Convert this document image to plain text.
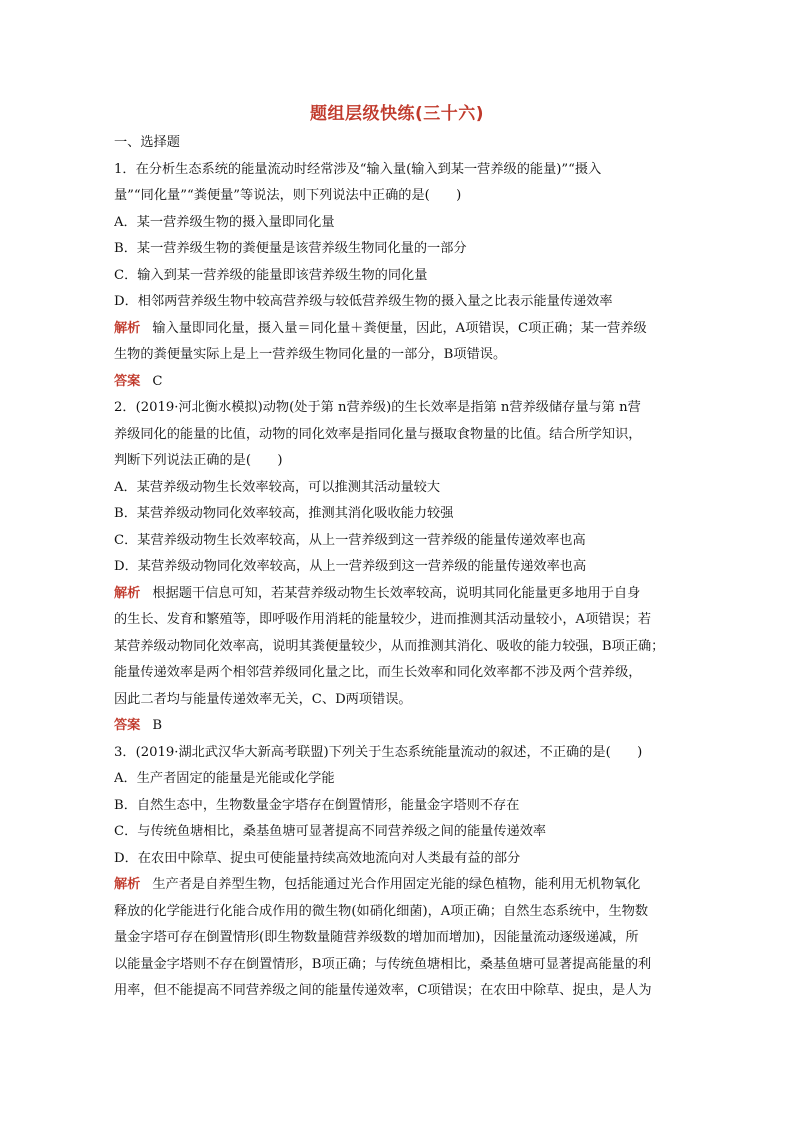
题组层级快练(三十六)
一、选择题
1．在分析生态系统的能量流动时经常涉及“输入量(输入到某一营养级的能量)”“摄入
量”“同化量”“粪便量”等说法，则下列说法中正确的是(　　)
A．某一营养级生物的摄入量即同化量
B．某一营养级生物的粪便量是该营养级生物同化量的一部分
C．输入到某一营养级的能量即该营养级生物的同化量
D．相邻两营养级生物中较高营养级与较低营养级生物的摄入量之比表示能量传递效率
解析 输入量即同化量，摄入量＝同化量＋粪便量，因此，A项错误，C项正确；某一营养级
生物的粪便量实际上是上一营养级生物同化量的一部分，B项错误。
答案 C
2．(2019·河北衡水模拟)动物(处于第 n营养级)的生长效率是指第 n营养级储存量与第 n营
养级同化的能量的比值，动物的同化效率是指同化量与摄取食物量的比值。结合所学知识，
判断下列说法正确的是(　　)
A．某营养级动物生长效率较高，可以推测其活动量较大
B．某营养级动物同化效率较高，推测其消化吸收能力较强
C．某营养级动物生长效率较高，从上一营养级到这一营养级的能量传递效率也高
D．某营养级动物同化效率较高，从上一营养级到这一营养级的能量传递效率也高
解析 根据题干信息可知，若某营养级动物生长效率较高，说明其同化能量更多地用于自身
的生长、发育和繁殖等，即呼吸作用消耗的能量较少，进而推测其活动量较小，A项错误；若
某营养级动物同化效率高，说明其粪便量较少，从而推测其消化、吸收的能力较强，B项正确；
能量传递效率是两个相邻营养级同化量之比，而生长效率和同化效率都不涉及两个营养级，
因此二者均与能量传递效率无关，C、D两项错误。
答案 B
3．(2019·湖北武汉华大新高考联盟)下列关于生态系统能量流动的叙述，不正确的是(　　)
A．生产者固定的能量是光能或化学能
B．自然生态中，生物数量金字塔存在倒置情形，能量金字塔则不存在
C．与传统鱼塘相比，桑基鱼塘可显著提高不同营养级之间的能量传递效率
D．在农田中除草、捉虫可使能量持续高效地流向对人类最有益的部分
解析 生产者是自养型生物，包括能通过光合作用固定光能的绿色植物，能利用无机物氧化
释放的化学能进行化能合成作用的微生物(如硝化细菌)，A项正确；自然生态系统中，生物数
量金字塔可存在倒置情形(即生物数量随营养级数的增加而增加)，因能量流动逐级递减，所
以能量金字塔则不存在倒置情形，B项正确；与传统鱼塘相比，桑基鱼塘可显著提高能量的利
用率，但不能提高不同营养级之间的能量传递效率，C项错误；在农田中除草、捉虫，是人为
